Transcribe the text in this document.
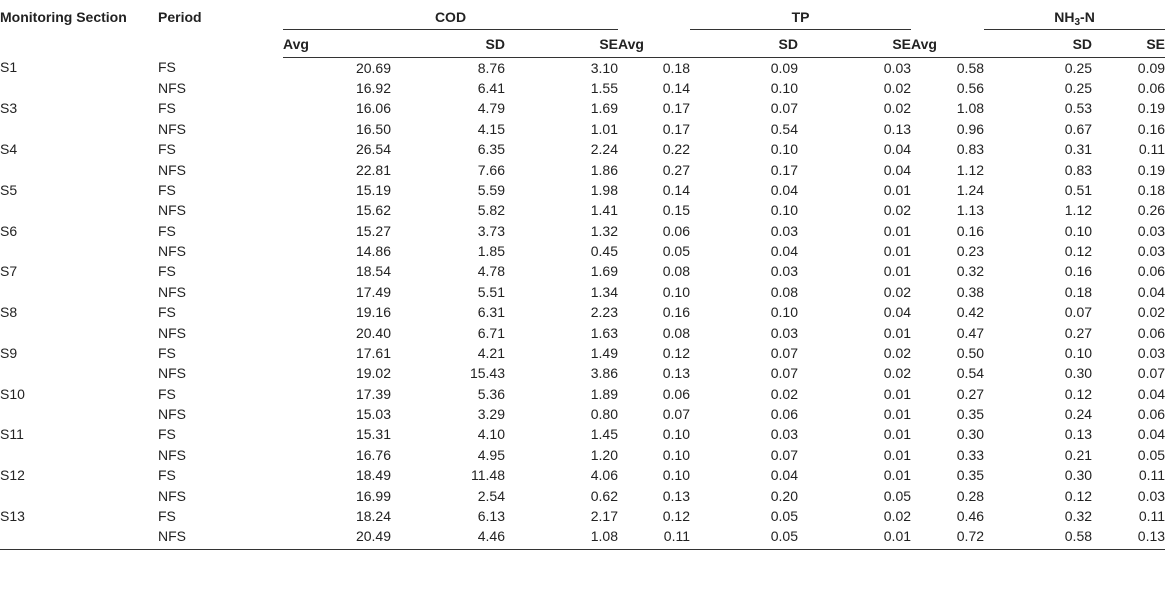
Monitoring Section	Period	COD				TP			$NH_3-N$	
		Avg	SD	SE	Avg	SD	SE	Avg	SD	SE
S1	FS	20.69	8.76	3.10	0.18	0.09	0.03	0.58	0.25	0.09
	NFS	16.92	6.41	1.55	0.14	0.10	0.02	0.56	0.25	0.06
S3	FS	16.06	4.79	1.69	0.17	0.07	0.02	1.08	0.53	0.19
	NFS	16.50	4.15	1.01	0.17	0.54	0.13	0.96	0.67	0.16
S4	FS	26.54	6.35	2.24	0.22	0.10	0.04	0.83	0.31	0.11
	NFS	22.81	7.66	1.86	0.27	0.17	0.04	1.12	0.83	0.19
S5	FS	15.19	5.59	1.98	0.14	0.04	0.01	1.24	0.51	0.18
	NFS	15.62	5.82	1.41	0.15	0.10	0.02	1.13	1.12	0.26
S6	FS	15.27	3.73	1.32	0.06	0.03	0.01	0.16	0.10	0.03
	NFS	14.86	1.85	0.45	0.05	0.04	0.01	0.23	0.12	0.03
S7	FS	18.54	4.78	1.69	0.08	0.03	0.01	0.32	0.16	0.06
	NFS	17.49	5.51	1.34	0.10	0.08	0.02	0.38	0.18	0.04
S8	FS	19.16	6.31	2.23	0.16	0.10	0.04	0.42	0.07	0.02
	NFS	20.40	6.71	1.63	0.08	0.03	0.01	0.47	0.27	0.06
S9	FS	17.61	4.21	1.49	0.12	0.07	0.02	0.50	0.10	0.03
	NFS	19.02	15.43	3.86	0.13	0.07	0.02	0.54	0.30	0.07
S10	FS	17.39	5.36	1.89	0.06	0.02	0.01	0.27	0.12	0.04
	NFS	15.03	3.29	0.80	0.07	0.06	0.01	0.35	0.24	0.06
S11	FS	15.31	4.10	1.45	0.10	0.03	0.01	0.30	0.13	0.04
	NFS	16.76	4.95	1.20	0.10	0.07	0.01	0.33	0.21	0.05
S12	FS	18.49	11.48	4.06	0.10	0.04	0.01	0.35	0.30	0.11
	NFS	16.99	2.54	0.62	0.13	0.20	0.05	0.28	0.12	0.03
S13	FS	18.24	6.13	2.17	0.12	0.05	0.02	0.46	0.32	0.11
	NFS	20.49	4.46	1.08	0.11	0.05	0.01	0.72	0.58	0.13
